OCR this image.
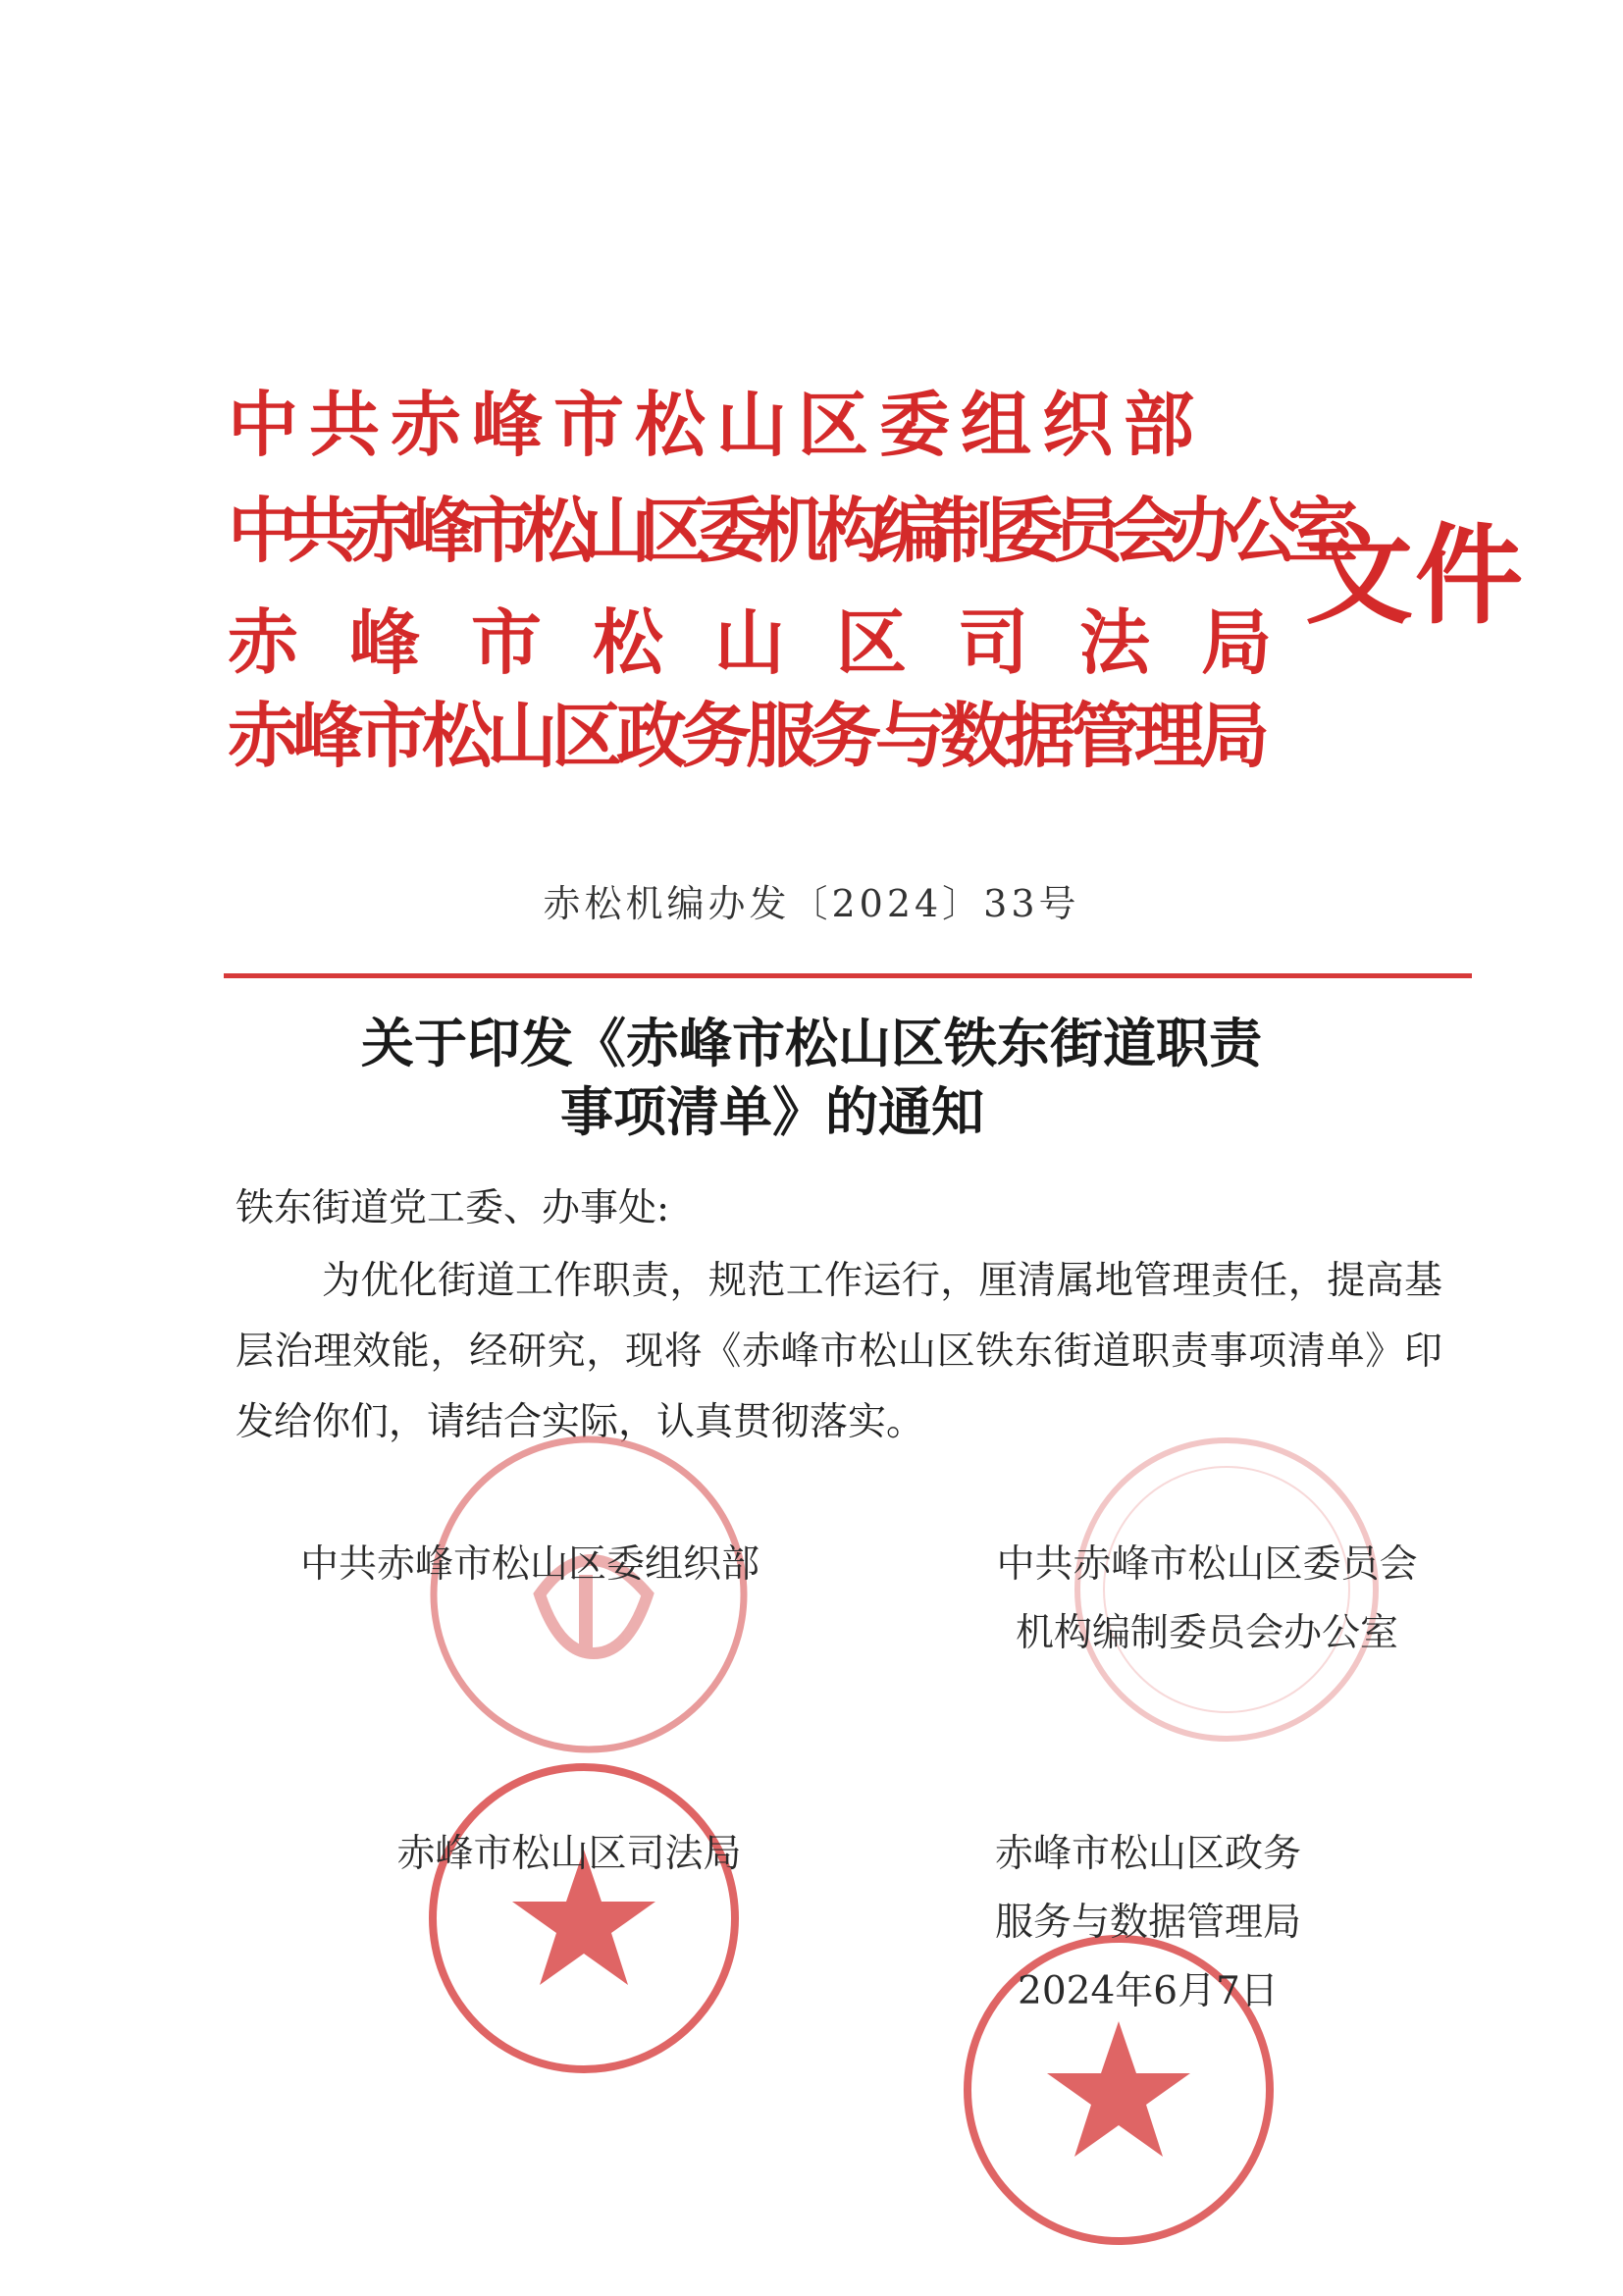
中共赤峰市松山区委组织部
中共赤峰市松山区委机构编制委员会办公室
赤峰市松山区司法局
赤峰市松山区政务服务与数据管理局
文件
赤松机编办发〔2024〕33号
关于印发《赤峰市松山区铁东街道职责
事项清单》的通知
铁东街道党工委、办事处:
为优化街道工作职责，规范工作运行，厘清属地管理责任，提高基层治理效能，经研究，现将《赤峰市松山区铁东街道职责事项清单》印发给你们，请结合实际，认真贯彻落实。
中共赤峰市松山区委组织部	中共赤峰市松山区委员会
机构编制委员会办公室
赤峰市松山区司法局	赤峰市松山区政务
服务与数据管理局
2024年6月7日
